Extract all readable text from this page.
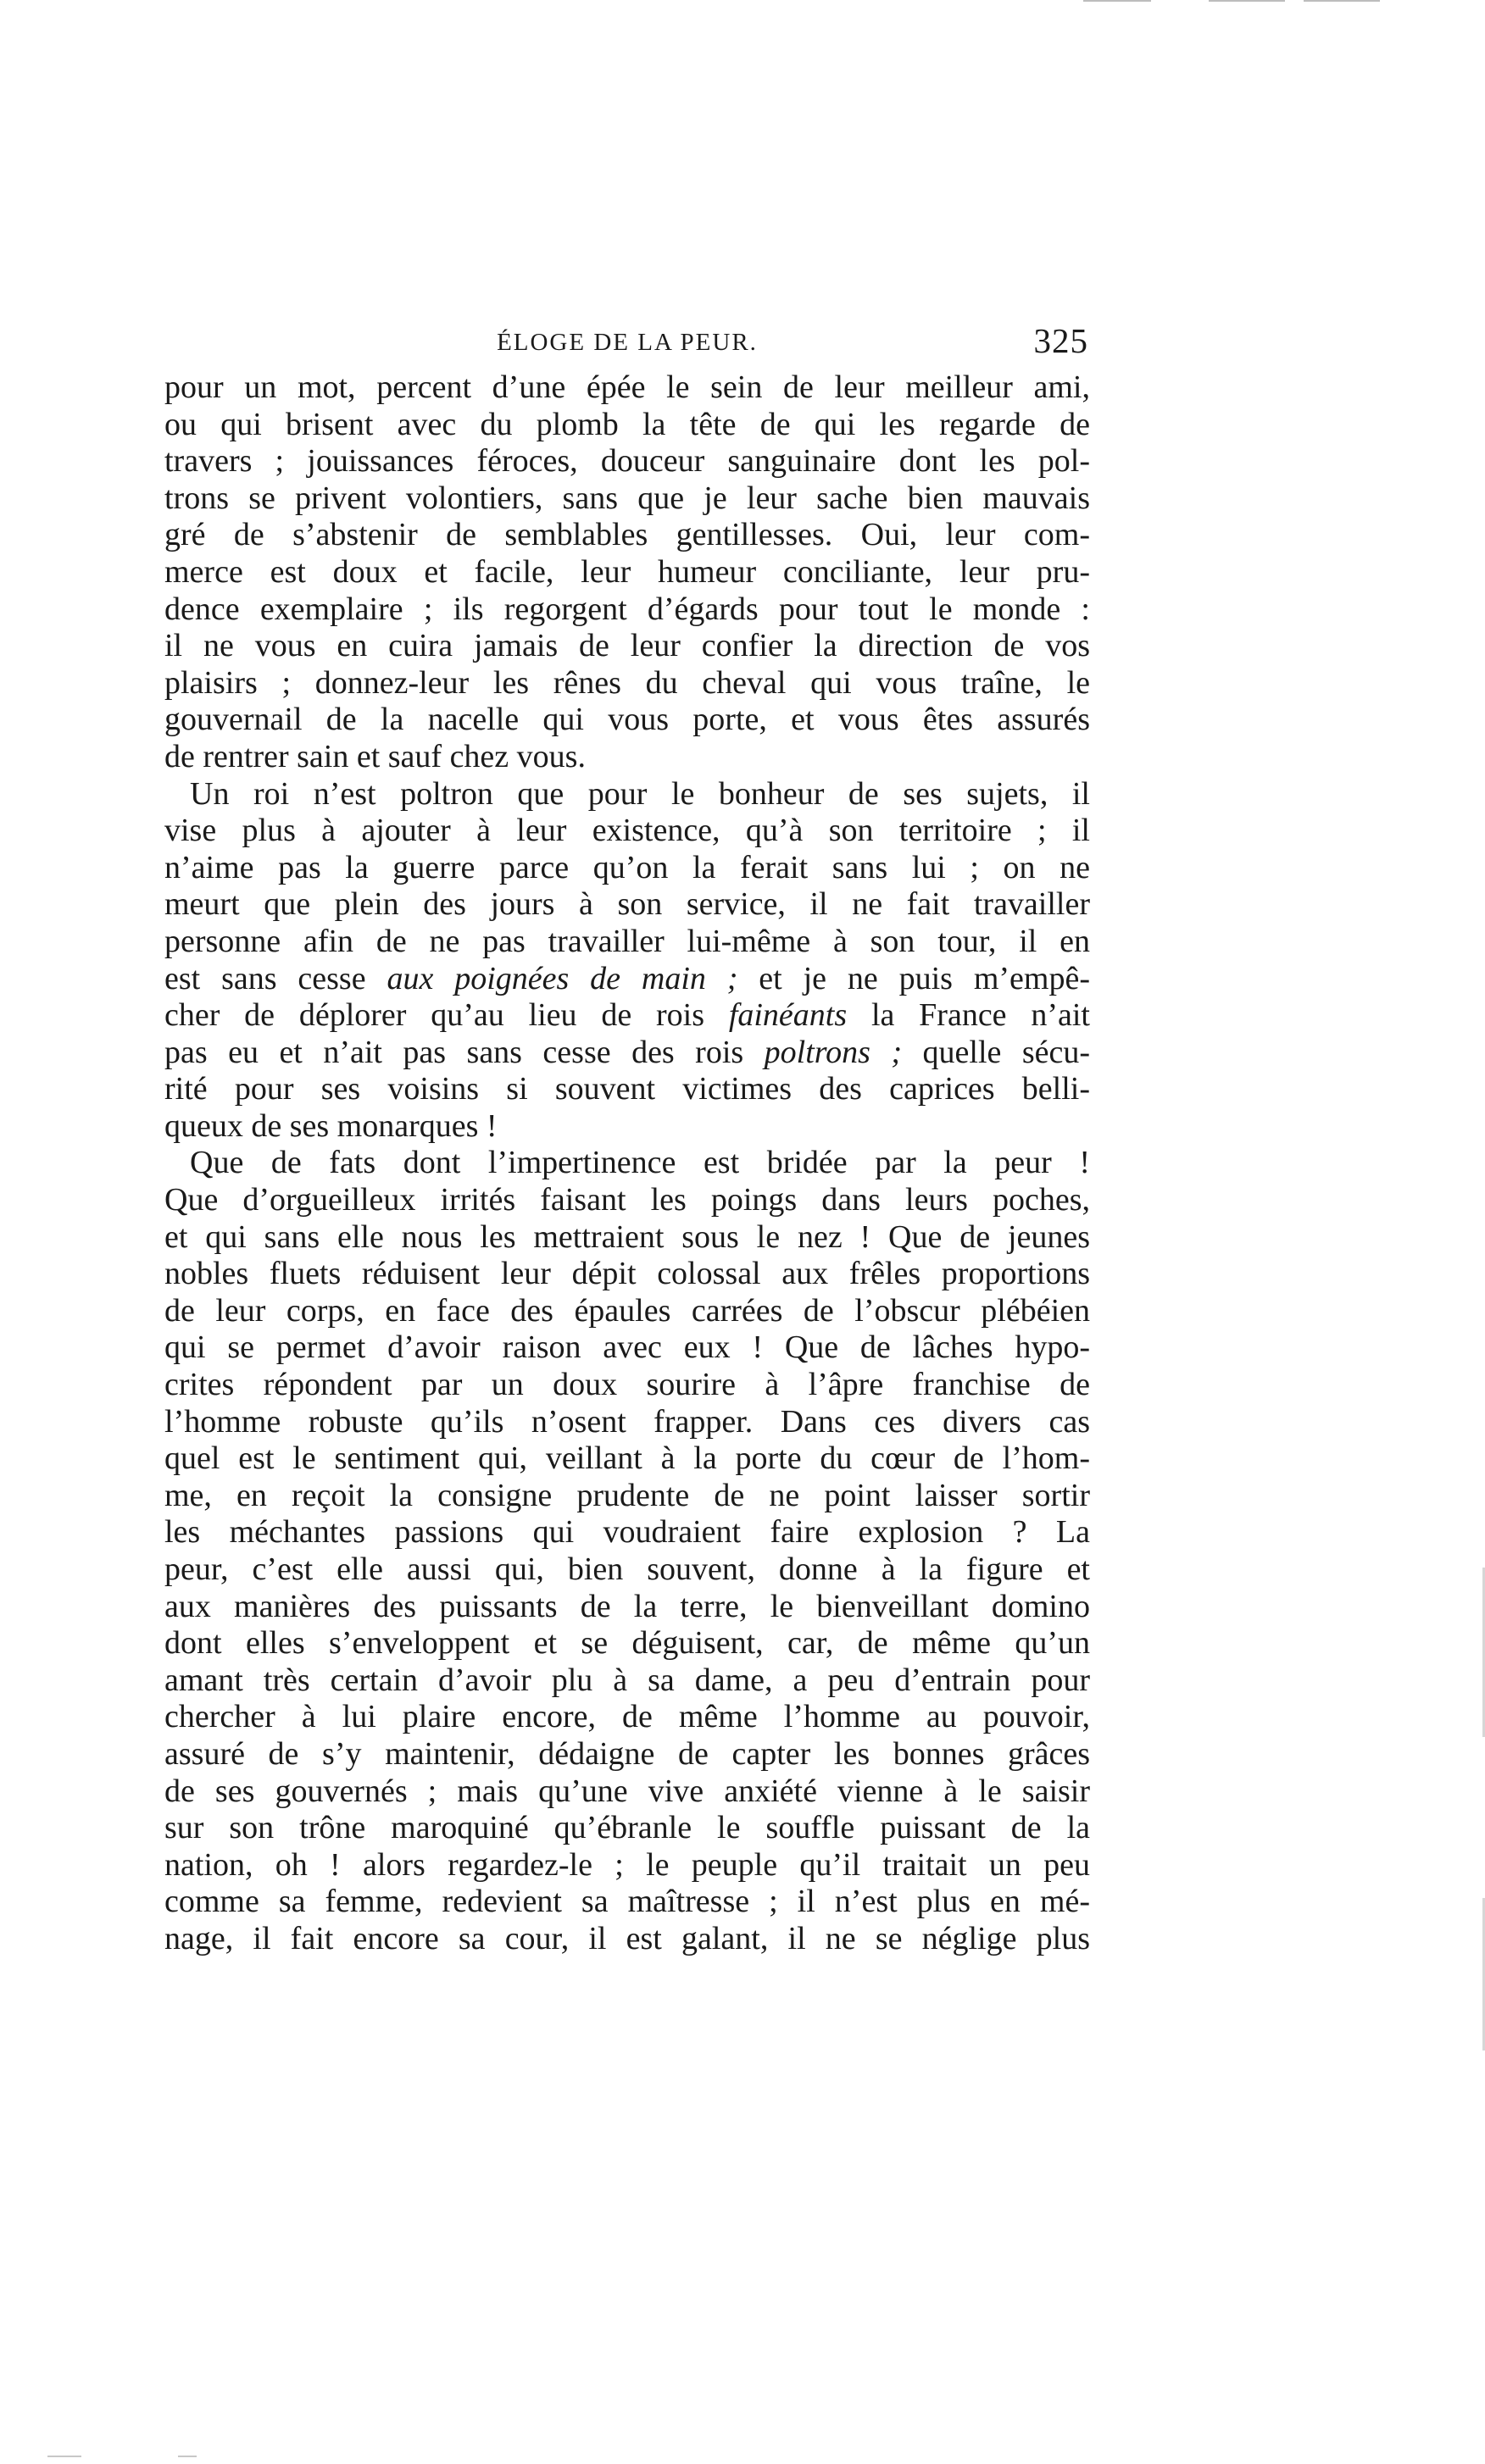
ÉLOGE DE LA PEUR.	325
pour un mot, percent d’une épée le sein de leur meilleur ami,
ou qui brisent avec du plomb la tête de qui les regarde de
travers ; jouissances féroces, douceur sanguinaire dont les pol-
trons se privent volontiers, sans que je leur sache bien mauvais
gré de s’abstenir de semblables gentillesses. Oui, leur com-
merce est doux et facile, leur humeur conciliante, leur pru-
dence exemplaire ; ils regorgent d’égards pour tout le monde :
il ne vous en cuira jamais de leur confier la direction de vos
plaisirs ; donnez-leur les rênes du cheval qui vous traîne, le
gouvernail de la nacelle qui vous porte, et vous êtes assurés
de rentrer sain et sauf chez vous.
Un roi n’est poltron que pour le bonheur de ses sujets, il
vise plus à ajouter à leur existence, qu’à son territoire ; il
n’aime pas la guerre parce qu’on la ferait sans lui ; on ne
meurt que plein des jours à son service, il ne fait travailler
personne afin de ne pas travailler lui-même à son tour, il en
est sans cesse aux poignées de main ; et je ne puis m’empê-
cher de déplorer qu’au lieu de rois fainéants la France n’ait
pas eu et n’ait pas sans cesse des rois poltrons ; quelle sécu-
rité pour ses voisins si souvent victimes des caprices belli-
queux de ses monarques !
Que de fats dont l’impertinence est bridée par la peur !
Que d’orgueilleux irrités faisant les poings dans leurs poches,
et qui sans elle nous les mettraient sous le nez ! Que de jeunes
nobles fluets réduisent leur dépit colossal aux frêles proportions
de leur corps, en face des épaules carrées de l’obscur plébéien
qui se permet d’avoir raison avec eux ! Que de lâches hypo-
crites répondent par un doux sourire à l’âpre franchise de
l’homme robuste qu’ils n’osent frapper. Dans ces divers cas
quel est le sentiment qui, veillant à la porte du cœur de l’hom-
me, en reçoit la consigne prudente de ne point laisser sortir
les méchantes passions qui voudraient faire explosion ? La
peur, c’est elle aussi qui, bien souvent, donne à la figure et
aux manières des puissants de la terre, le bienveillant domino
dont elles s’enveloppent et se déguisent, car, de même qu’un
amant très certain d’avoir plu à sa dame, a peu d’entrain pour
chercher à lui plaire encore, de même l’homme au pouvoir,
assuré de s’y maintenir, dédaigne de capter les bonnes grâces
de ses gouvernés ; mais qu’une vive anxiété vienne à le saisir
sur son trône maroquiné qu’ébranle le souffle puissant de la
nation, oh ! alors regardez-le ; le peuple qu’il traitait un peu
comme sa femme, redevient sa maîtresse ; il n’est plus en mé-
nage, il fait encore sa cour, il est galant, il ne se néglige plus
